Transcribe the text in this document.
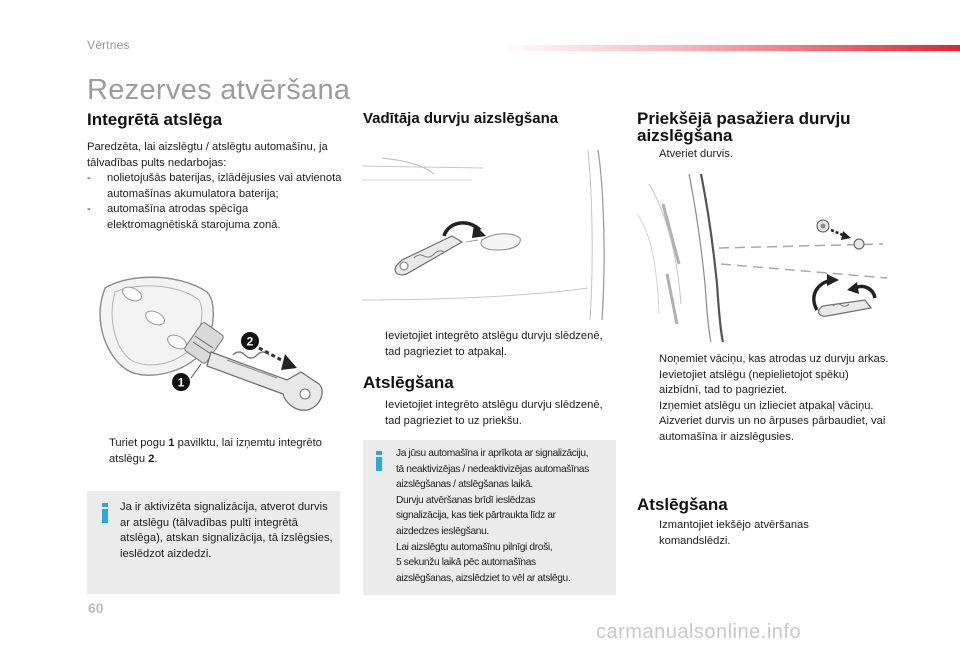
Vērtnes
Rezerves atvēršana
Integrētā atslēga
Paredzēta, lai aizslēgtu / atslēgtu automašīnu, ja tālvadības pults nedarbojas:
- nolietojušās baterijas, izlādējusies vai atvienota automašīnas akumulatora baterija;
- automašīna atrodas spēcīga elektromagnētiskā starojuma zonā.
2
1
Turiet pogu 1 pavilktu, lai izņemtu integrēto atslēgu 2.
Ja ir aktivizēta signalizācija, atverot durvis ar atslēgu (tālvadības pultī integrētā atslēga), atskan signalizācija, tā izslēgsies, ieslēdzot aizdedzi.
Vadītāja durvju aizslēgšana
Ievietojiet integrēto atslēgu durvju slēdzenē, tad pagrieziet to atpakaļ.
Atslēgšana
Ievietojiet integrēto atslēgu durvju slēdzenē, tad pagrieziet to uz priekšu.
Ja jūsu automašīna ir aprīkota ar signalizāciju,
tā neaktivizējas / nedeaktivizējas automašīnas
aizslēgšanas / atslēgšanas laikā.
Durvju atvēršanas brīdī ieslēdzas
signalizācija, kas tiek pārtraukta līdz ar
aizdedzes ieslēgšanu.
Lai aizslēgtu automašīnu pilnīgi droši,
5 sekunžu laikā pēc automašīnas
aizslēgšanas, aizslēdziet to vēl ar atslēgu.
Priekšējā pasažiera durvju aizslēgšana
Atveriet durvis.
Noņemiet vāciņu, kas atrodas uz durvju arkas.
Ievietojiet atslēgu (nepielietojot spēku) aizbīdnī, tad to pagrieziet.
Izņemiet atslēgu un izlieciet atpakaļ vāciņu.
Aizveriet durvis un no ārpuses pārbaudiet, vai automašīna ir aizslēgusies.
Atslēgšana
Izmantojiet iekšējo atvēršanas komandslēdzi.
60
carmanualsonline.info
